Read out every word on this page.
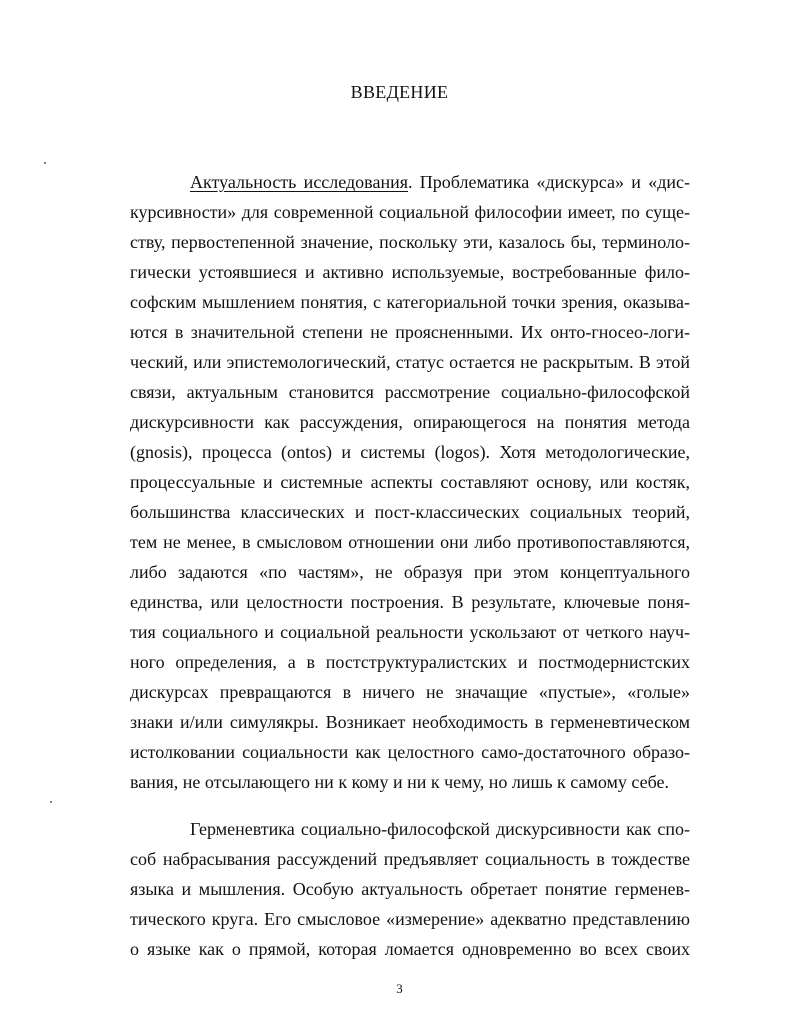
ВВЕДЕНИЕ
Актуальность исследования. Проблематика «дискурса» и «дис-
курсивности» для современной социальной философии имеет, по суще-
ству, первостепенной значение, поскольку эти, казалось бы, терминоло-
гически устоявшиеся и активно используемые, востребованные фило-
софским мышлением понятия, с категориальной точки зрения, оказыва-
ются в значительной степени не проясненными. Их онто-гносео-логи-
ческий, или эпистемологический, статус остается не раскрытым. В этой
связи, актуальным становится рассмотрение социально-философской
дискурсивности как рассуждения, опирающегося на понятия метода
(gnosis), процесса (ontos) и системы (logos). Хотя методологические,
процессуальные и системные аспекты составляют основу, или костяк,
большинства классических и пост-классических социальных теорий,
тем не менее, в смысловом отношении они либо противопоставляются,
либо задаются «по частям», не образуя при этом концептуального
единства, или целостности построения. В результате, ключевые поня-
тия социального и социальной реальности ускользают от четкого науч-
ного определения, а в постструктуралистских и постмодернистских
дискурсах превращаются в ничего не значащие «пустые», «голые»
знаки и/или симулякры. Возникает необходимость в герменевтическом
истолковании социальности как целостного само-достаточного образо-
вания, не отсылающего ни к кому и ни к чему, но лишь к самому себе.
Герменевтика социально-философской дискурсивности как спо-
соб набрасывания рассуждений предъявляет социальность в тождестве
языка и мышления. Особую актуальность обретает понятие герменев-
тического круга. Его смысловое «измерение» адекватно представлению
о языке как о прямой, которая ломается одновременно во всех своих
3
